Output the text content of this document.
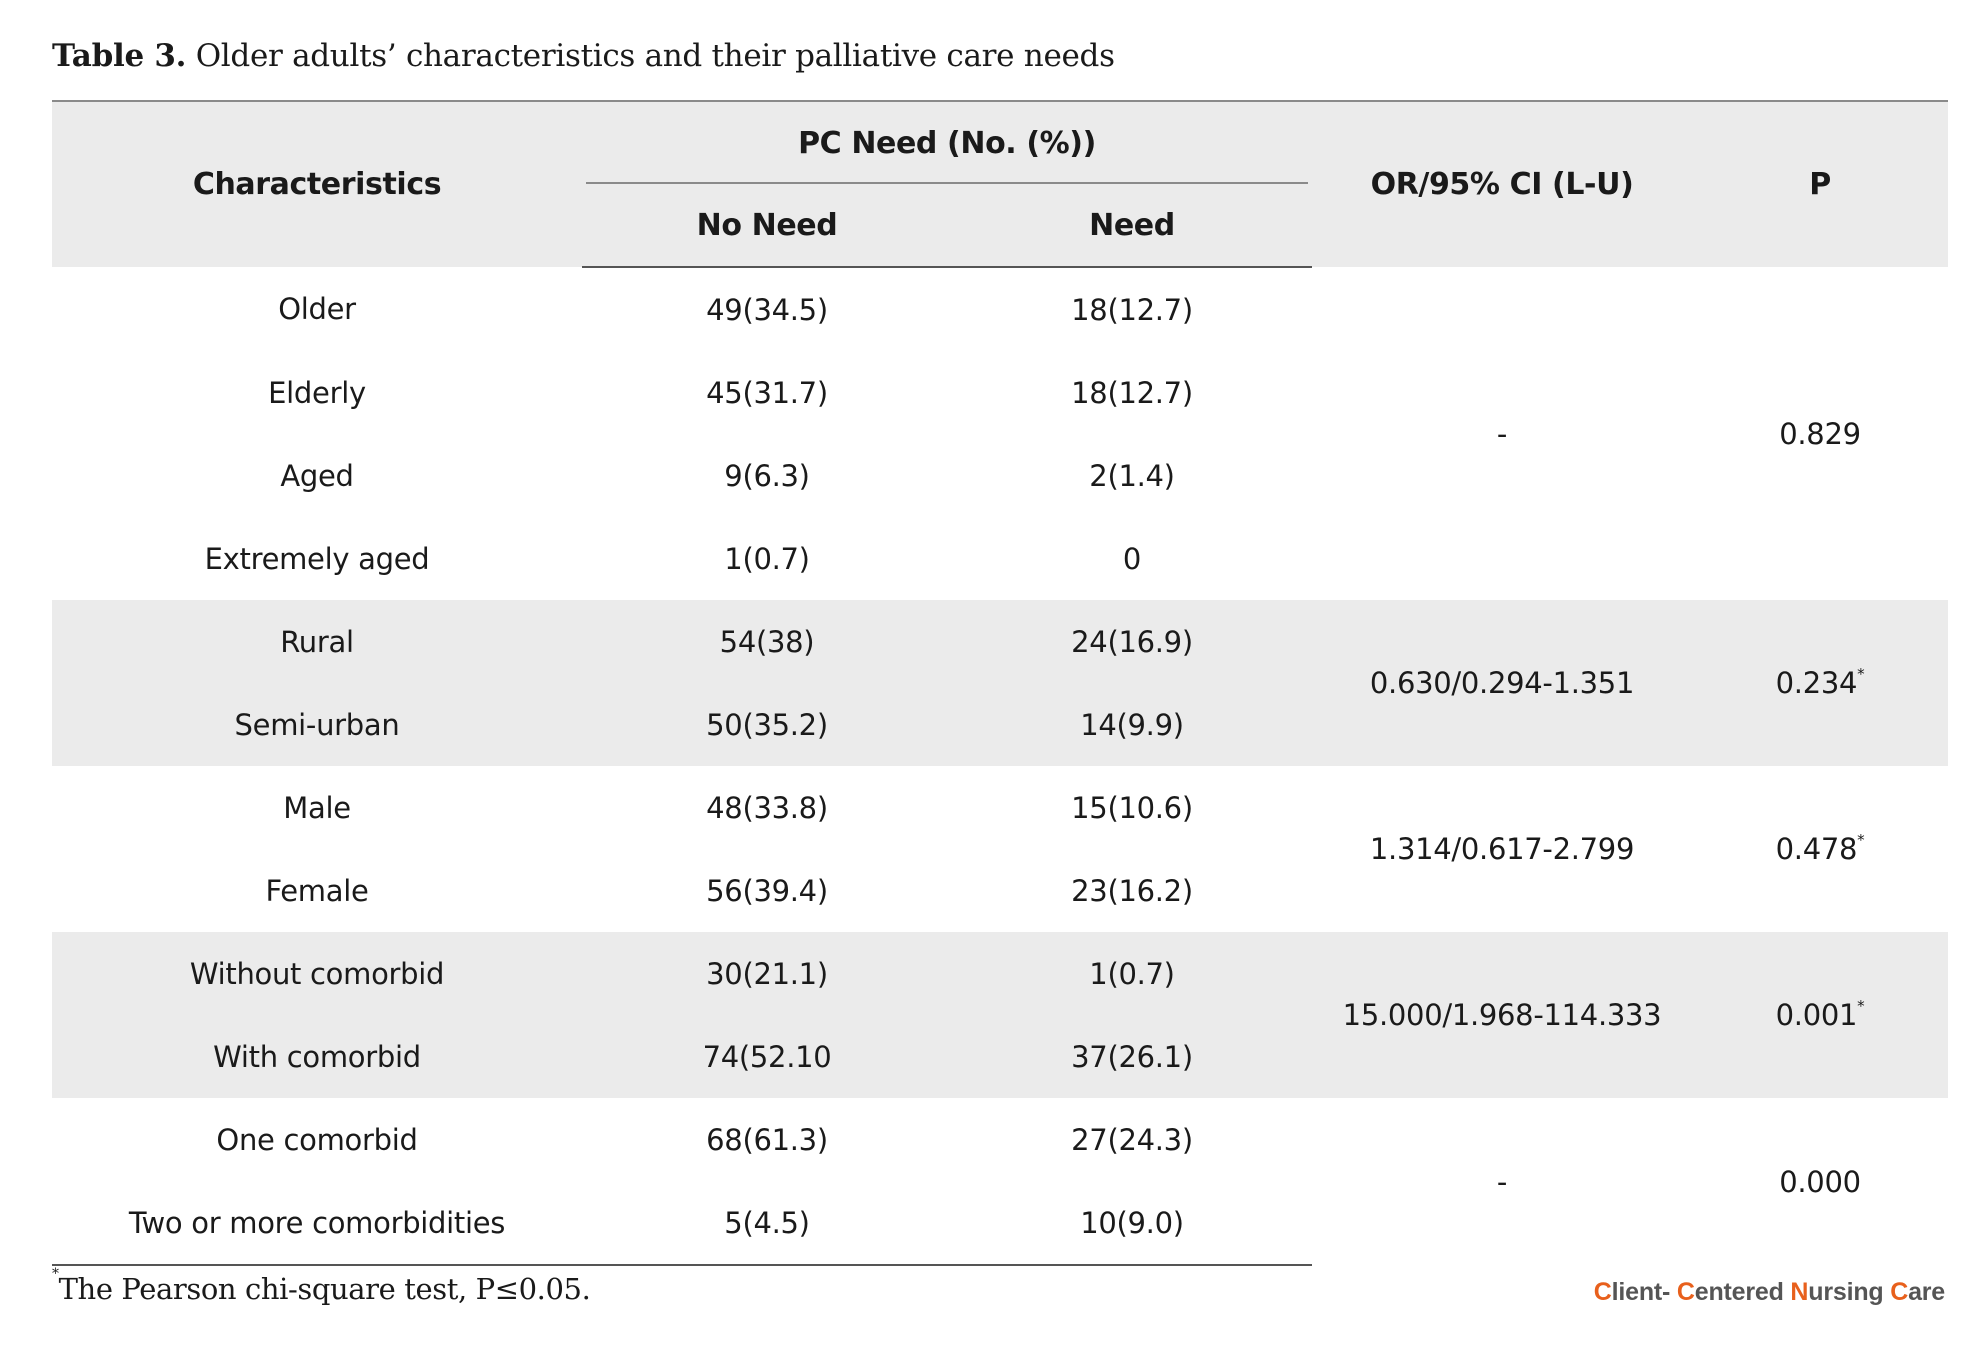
Table 3. Older adults’ characteristics and their palliative care needs
Characteristics	PC Need (No. (%))		OR/95% CI (L-U)	P
	No Need	Need		
Older	49(34.5)	18(12.7)	-	0.829
Elderly	45(31.7)	18(12.7)		
Aged	9(6.3)	2(1.4)		
Extremely aged	1(0.7)	0		
Rural	54(38)	24(16.9)	0.630/0.294-1.351	0.234*
Semi-urban	50(35.2)	14(9.9)		
Male	48(33.8)	15(10.6)	1.314/0.617-2.799	0.478*
Female	56(39.4)	23(16.2)		
Without comorbid	30(21.1)	1(0.7)	15.000/1.968-114.333	0.001*
With comorbid	74(52.10	37(26.1)		
One comorbid	68(61.3)	27(24.3)	-	0.000
Two or more comorbidities	5(4.5)	10(9.0)		
*The Pearson chi-square test, P≤0.05.	Client- Centered Nursing Care
